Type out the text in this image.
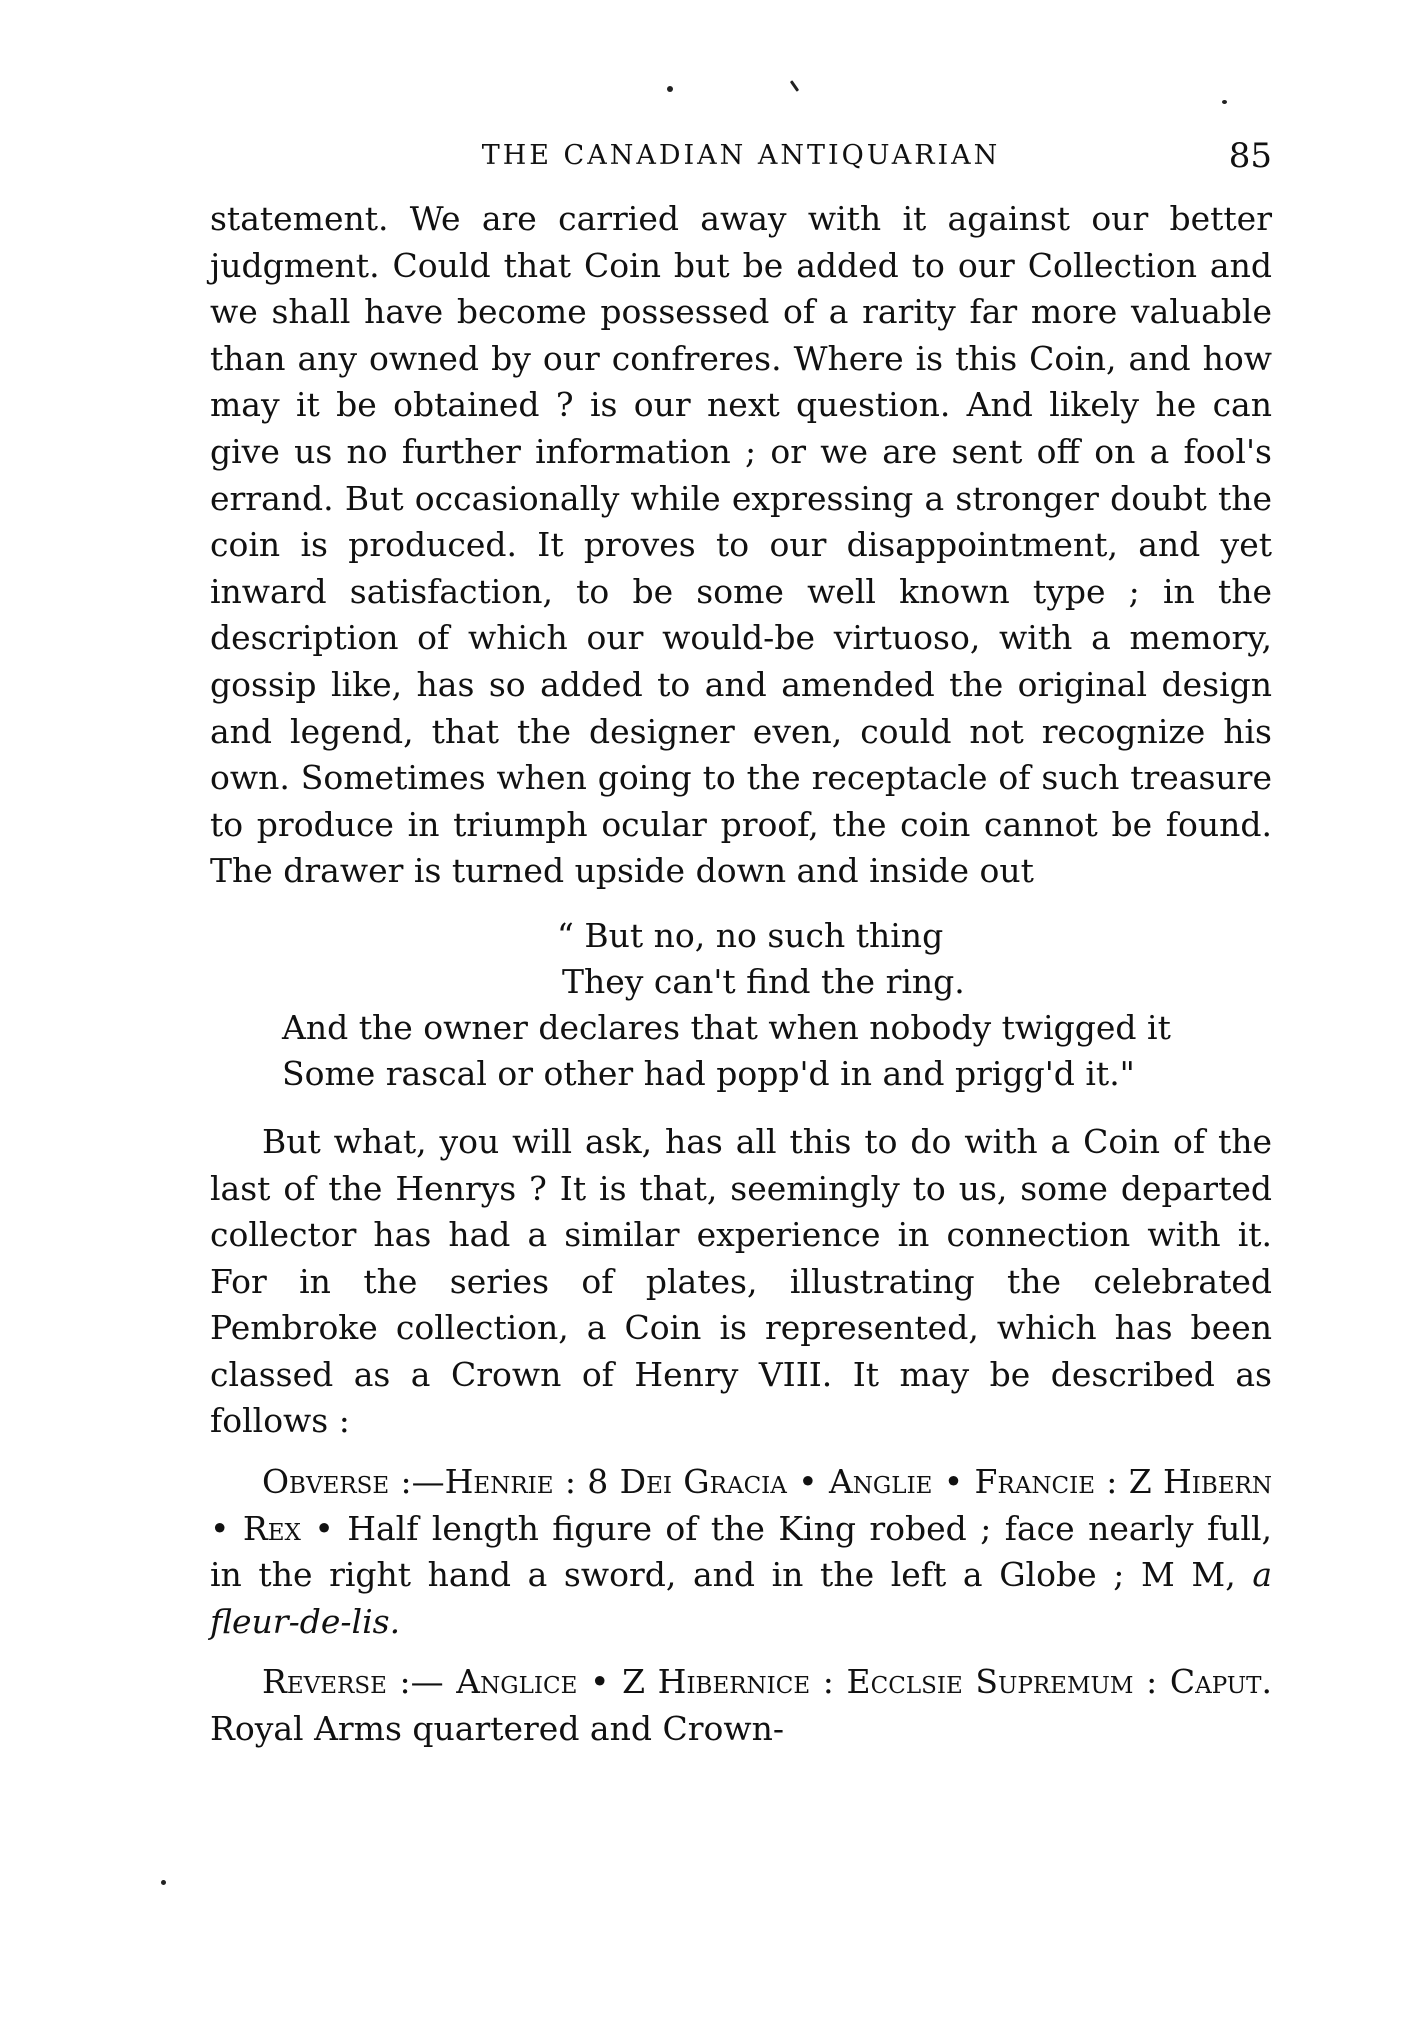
THE CANADIAN ANTIQUARIAN	85

statement. We are carried away with it against our better judgment. Could that Coin but be added to our Collection and we shall have become possessed of a rarity far more valuable than any owned by our confreres. Where is this Coin, and how may it be obtained ? is our next question. And likely he can give us no further information ; or we are sent off on a fool's errand. But occasionally while expressing a stronger doubt the coin is produced. It proves to our disappointment, and yet inward satisfaction, to be some well known type ; in the description of which our would-be virtuoso, with a memory, gossip like, has so added to and amended the original design and legend, that the designer even, could not recognize his own. Sometimes when going to the receptacle of such treasure to produce in triumph ocular proof, the coin cannot be found. The drawer is turned upside down and inside out

“ But no, no such thing
They can't find the ring.
And the owner declares that when nobody twigged it
Some rascal or other had popp'd in and prigg'd it."

But what, you will ask, has all this to do with a Coin of the last of the Henrys ? It is that, seemingly to us, some departed collector has had a similar experience in connection with it. For in the series of plates, illustrating the celebrated Pembroke collection, a Coin is represented, which has been classed as a Crown of Henry VIII. It may be described as follows :

Obverse :—Henrie : 8 Dei Gracia • Anglie • Francie : Z Hibern • Rex • Half length figure of the King robed ; face nearly full, in the right hand a sword, and in the left a Globe ; M M, a fleur-de-lis.

Reverse :— Anglice • Z Hibernice : Ecclsie Supremum : Caput. Royal Arms quartered and Crown-
